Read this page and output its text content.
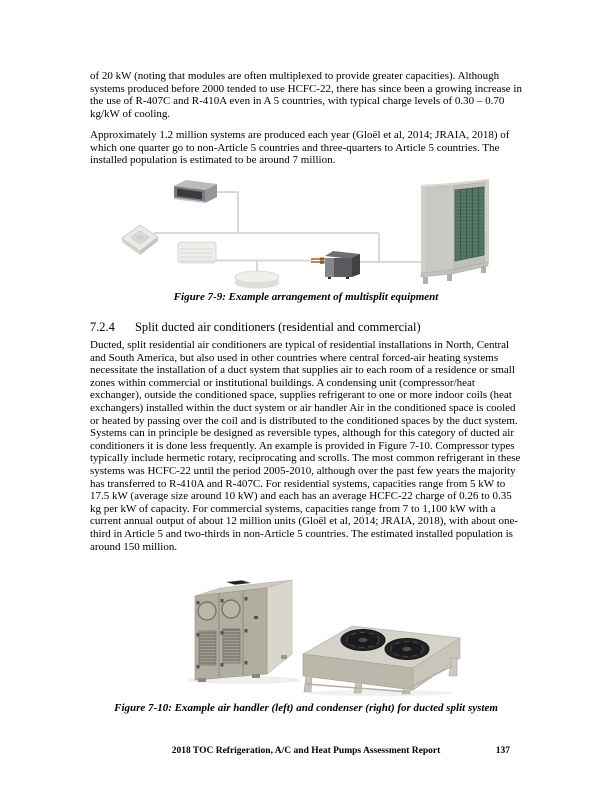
of 20 kW (noting that modules are often multiplexed to provide greater capacities). Although systems produced before 2000 tended to use HCFC-22, there has since been a growing increase in the use of R-407C and R-410A even in A 5 countries, with typical charge levels of 0.30 – 0.70 kg/kW of cooling.
Approximately 1.2 million systems are produced each year (Gloël et al, 2014; JRAIA, 2018) of which one quarter go to non-Article 5 countries and three-quarters to Article 5 countries. The installed population is estimated to be around 7 million.
Figure 7-9: Example arrangement of multisplit equipment
7.2.4 Split ducted air conditioners (residential and commercial)
Ducted, split residential air conditioners are typical of residential installations in North, Central and South America, but also used in other countries where central forced-air heating systems necessitate the installation of a duct system that supplies air to each room of a residence or small zones within commercial or institutional buildings. A condensing unit (compressor/heat exchanger), outside the conditioned space, supplies refrigerant to one or more indoor coils (heat exchangers) installed within the duct system or air handler Air in the conditioned space is cooled or heated by passing over the coil and is distributed to the conditioned spaces by the duct system. Systems can in principle be designed as reversible types, although for this category of ducted air conditioners it is done less frequently. An example is provided in Figure 7-10. Compressor types typically include hermetic rotary, reciprocating and scrolls. The most common refrigerant in these systems was HCFC-22 until the period 2005-2010, although over the past few years the majority has transferred to R-410A and R-407C. For residential systems, capacities range from 5 kW to 17.5 kW (average size around 10 kW) and each has an average HCFC-22 charge of 0.26 to 0.35 kg per kW of capacity. For commercial systems, capacities range from 7 to 1,100 kW with a current annual output of about 12 million units (Gloël et al, 2014; JRAIA, 2018), with about one-third in Article 5 and two-thirds in non-Article 5 countries. The estimated installed population is around 150 million.
Figure 7-10: Example air handler (left) and condenser (right) for ducted split system
2018 TOC Refrigeration, A/C and Heat Pumps Assessment Report	137
